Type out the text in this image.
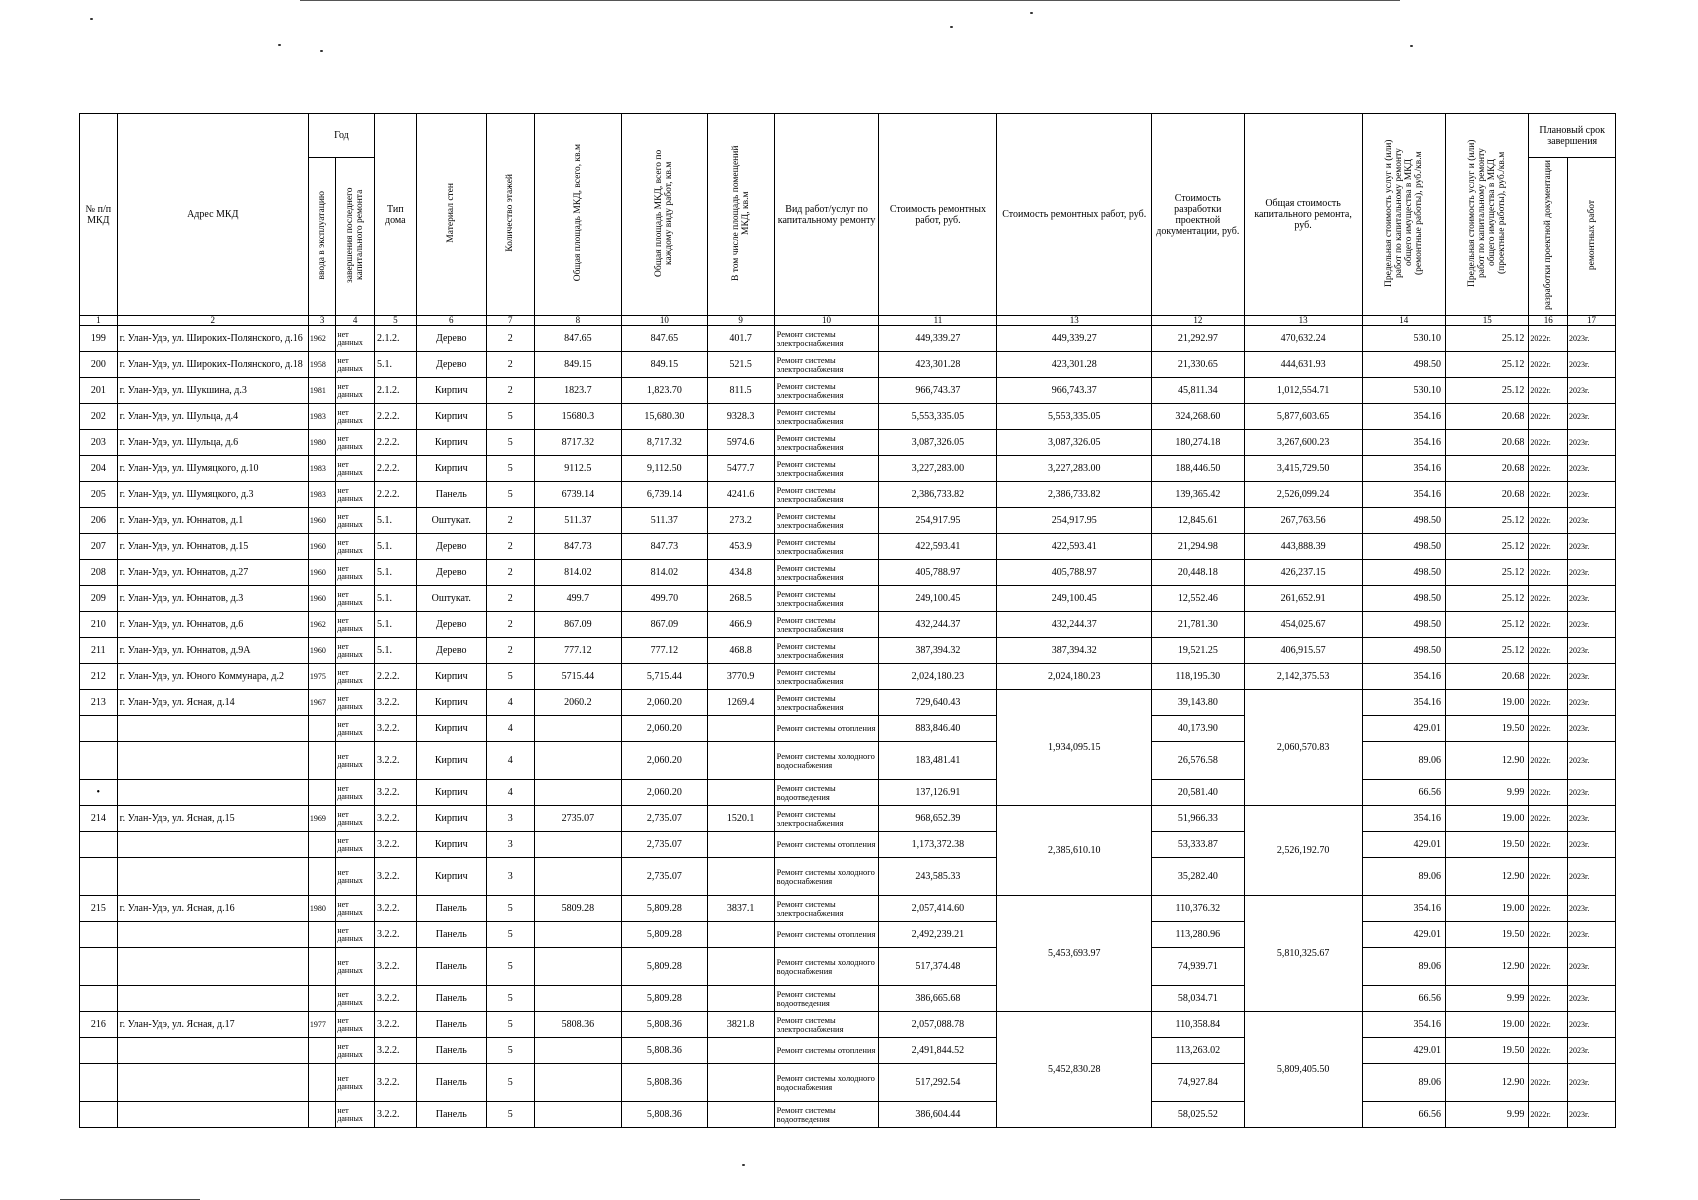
№ п/п МКД	Адрес МКД	Год		Тип дома	Материал стен	Количество этажей	Общая площадь МКД, всего, кв.м	Общая площадь МКД, всего по каждому виду работ, кв.м	В том числе площадь помещений МКД, кв.м	Вид работ/услуг по капитальному ремонту	Стоимость ремонтных работ, руб.	Стоимость ремонтных работ, руб.	Стоимость разработки проектной документации, руб.	Общая стоимость капитального ремонта, руб.	Предельная стоимость услуг и (или) работ по капитальному ремонту общего имущества в МКД (ремонтные работы), руб./кв.м	Предельная стоимость услуг и (или) работ по капитальному ремонту общего имущества в МКД (проектные работы), руб./кв.м	Плановый срок завершения	
		ввода в эксплуатацию	завершения последнего капитального ремонта														разработки проектной документации	ремонтных работ
1	2	3	4	5	6	7	8	10	9	10	11	13	12	13	14	15	16	17
199	г. Улан-Удэ, ул. Широких-Полянского, д.16	1962	нет данных	2.1.2.	Дерево	2	847.65	847.65	401.7	Ремонт системы электроснабжения	449,339.27	449,339.27	21,292.97	470,632.24	530.10	25.12	2022г.	2023г.
200	г. Улан-Удэ, ул. Широких-Полянского, д.18	1958	нет данных	5.1.	Дерево	2	849.15	849.15	521.5	Ремонт системы электроснабжения	423,301.28	423,301.28	21,330.65	444,631.93	498.50	25.12	2022г.	2023г.
201	г. Улан-Удэ, ул. Шукшина, д.3	1981	нет данных	2.1.2.	Кирпич	2	1823.7	1,823.70	811.5	Ремонт системы электроснабжения	966,743.37	966,743.37	45,811.34	1,012,554.71	530.10	25.12	2022г.	2023г.
202	г. Улан-Удэ, ул. Шульца, д.4	1983	нет данных	2.2.2.	Кирпич	5	15680.3	15,680.30	9328.3	Ремонт системы электроснабжения	5,553,335.05	5,553,335.05	324,268.60	5,877,603.65	354.16	20.68	2022г.	2023г.
203	г. Улан-Удэ, ул. Шульца, д.6	1980	нет данных	2.2.2.	Кирпич	5	8717.32	8,717.32	5974.6	Ремонт системы электроснабжения	3,087,326.05	3,087,326.05	180,274.18	3,267,600.23	354.16	20.68	2022г.	2023г.
204	г. Улан-Удэ, ул. Шумяцкого, д.10	1983	нет данных	2.2.2.	Кирпич	5	9112.5	9,112.50	5477.7	Ремонт системы электроснабжения	3,227,283.00	3,227,283.00	188,446.50	3,415,729.50	354.16	20.68	2022г.	2023г.
205	г. Улан-Удэ, ул. Шумяцкого, д.3	1983	нет данных	2.2.2.	Панель	5	6739.14	6,739.14	4241.6	Ремонт системы электроснабжения	2,386,733.82	2,386,733.82	139,365.42	2,526,099.24	354.16	20.68	2022г.	2023г.
206	г. Улан-Удэ, ул. Юннатов, д.1	1960	нет данных	5.1.	Оштукат.	2	511.37	511.37	273.2	Ремонт системы электроснабжения	254,917.95	254,917.95	12,845.61	267,763.56	498.50	25.12	2022г.	2023г.
207	г. Улан-Удэ, ул. Юннатов, д.15	1960	нет данных	5.1.	Дерево	2	847.73	847.73	453.9	Ремонт системы электроснабжения	422,593.41	422,593.41	21,294.98	443,888.39	498.50	25.12	2022г.	2023г.
208	г. Улан-Удэ, ул. Юннатов, д.27	1960	нет данных	5.1.	Дерево	2	814.02	814.02	434.8	Ремонт системы электроснабжения	405,788.97	405,788.97	20,448.18	426,237.15	498.50	25.12	2022г.	2023г.
209	г. Улан-Удэ, ул. Юннатов, д.3	1960	нет данных	5.1.	Оштукат.	2	499.7	499.70	268.5	Ремонт системы электроснабжения	249,100.45	249,100.45	12,552.46	261,652.91	498.50	25.12	2022г.	2023г.
210	г. Улан-Удэ, ул. Юннатов, д.6	1962	нет данных	5.1.	Дерево	2	867.09	867.09	466.9	Ремонт системы электроснабжения	432,244.37	432,244.37	21,781.30	454,025.67	498.50	25.12	2022г.	2023г.
211	г. Улан-Удэ, ул. Юннатов, д.9А	1960	нет данных	5.1.	Дерево	2	777.12	777.12	468.8	Ремонт системы электроснабжения	387,394.32	387,394.32	19,521.25	406,915.57	498.50	25.12	2022г.	2023г.
212	г. Улан-Удэ, ул. Юного Коммунара, д.2	1975	нет данных	2.2.2.	Кирпич	5	5715.44	5,715.44	3770.9	Ремонт системы электроснабжения	2,024,180.23	2,024,180.23	118,195.30	2,142,375.53	354.16	20.68	2022г.	2023г.
213	г. Улан-Удэ, ул. Ясная, д.14	1967	нет данных	3.2.2.	Кирпич	4	2060.2	2,060.20	1269.4	Ремонт системы электроснабжения	729,640.43	1,934,095.15	39,143.80	2,060,570.83	354.16	19.00	2022г.	2023г.
			нет данных	3.2.2.	Кирпич	4		2,060.20		Ремонт системы отопления	883,846.40		40,173.90		429.01	19.50	2022г.	2023г.
			нет данных	3.2.2.	Кирпич	4		2,060.20		Ремонт системы холодного водоснабжения	183,481.41		26,576.58		89.06	12.90	2022г.	2023г.
•			нет данных	3.2.2.	Кирпич	4		2,060.20		Ремонт системы водоотведения	137,126.91		20,581.40		66.56	9.99	2022г.	2023г.
214	г. Улан-Удэ, ул. Ясная, д.15	1969	нет данных	3.2.2.	Кирпич	3	2735.07	2,735.07	1520.1	Ремонт системы электроснабжения	968,652.39	2,385,610.10	51,966.33	2,526,192.70	354.16	19.00	2022г.	2023г.
			нет данных	3.2.2.	Кирпич	3		2,735.07		Ремонт системы отопления	1,173,372.38		53,333.87		429.01	19.50	2022г.	2023г.
			нет данных	3.2.2.	Кирпич	3		2,735.07		Ремонт системы холодного водоснабжения	243,585.33		35,282.40		89.06	12.90	2022г.	2023г.
215	г. Улан-Удэ, ул. Ясная, д.16	1980	нет данных	3.2.2.	Панель	5	5809.28	5,809.28	3837.1	Ремонт системы электроснабжения	2,057,414.60	5,453,693.97	110,376.32	5,810,325.67	354.16	19.00	2022г.	2023г.
			нет данных	3.2.2.	Панель	5		5,809.28		Ремонт системы отопления	2,492,239.21		113,280.96		429.01	19.50	2022г.	2023г.
			нет данных	3.2.2.	Панель	5		5,809.28		Ремонт системы холодного водоснабжения	517,374.48		74,939.71		89.06	12.90	2022г.	2023г.
			нет данных	3.2.2.	Панель	5		5,809.28		Ремонт системы водоотведения	386,665.68		58,034.71		66.56	9.99	2022г.	2023г.
216	г. Улан-Удэ, ул. Ясная, д.17	1977	нет данных	3.2.2.	Панель	5	5808.36	5,808.36	3821.8	Ремонт системы электроснабжения	2,057,088.78	5,452,830.28	110,358.84	5,809,405.50	354.16	19.00	2022г.	2023г.
			нет данных	3.2.2.	Панель	5		5,808.36		Ремонт системы отопления	2,491,844.52		113,263.02		429.01	19.50	2022г.	2023г.
			нет данных	3.2.2.	Панель	5		5,808.36		Ремонт системы холодного водоснабжения	517,292.54		74,927.84		89.06	12.90	2022г.	2023г.
			нет данных	3.2.2.	Панель	5		5,808.36		Ремонт системы водоотведения	386,604.44		58,025.52		66.56	9.99	2022г.	2023г.
